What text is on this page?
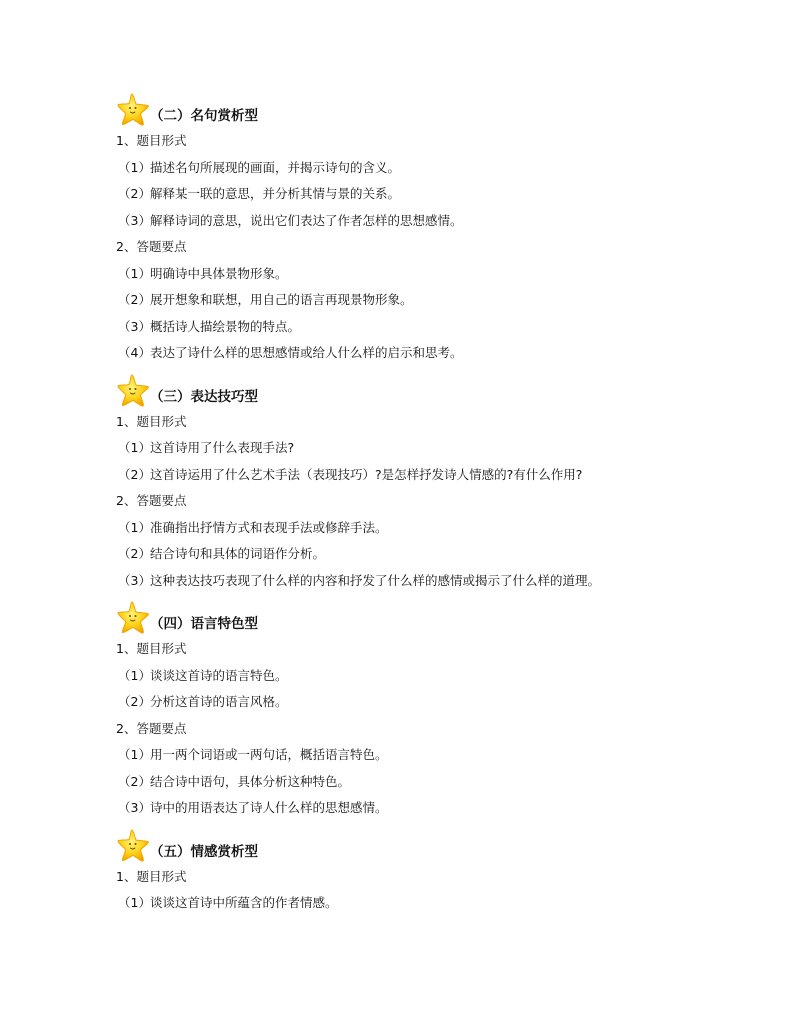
（二）名句赏析型
1、题目形式
（1）描述名句所展现的画面，并揭示诗句的含义。
（2）解释某一联的意思，并分析其情与景的关系。
（3）解释诗词的意思，说出它们表达了作者怎样的思想感情。
2、答题要点
（1）明确诗中具体景物形象。
（2）展开想象和联想，用自己的语言再现景物形象。
（3）概括诗人描绘景物的特点。
（4）表达了诗什么样的思想感情或给人什么样的启示和思考。
（三）表达技巧型
1、题目形式
（1）这首诗用了什么表现手法?
（2）这首诗运用了什么艺术手法（表现技巧）?是怎样抒发诗人情感的?有什么作用?
2、答题要点
（1）准确指出抒情方式和表现手法或修辞手法。
（2）结合诗句和具体的词语作分析。
（3）这种表达技巧表现了什么样的内容和抒发了什么样的感情或揭示了什么样的道理。
（四）语言特色型
1、题目形式
（1）谈谈这首诗的语言特色。
（2）分析这首诗的语言风格。
2、答题要点
（1）用一两个词语或一两句话，概括语言特色。
（2）结合诗中语句，具体分析这种特色。
（3）诗中的用语表达了诗人什么样的思想感情。
（五）情感赏析型
1、题目形式
（1）谈谈这首诗中所蕴含的作者情感。
